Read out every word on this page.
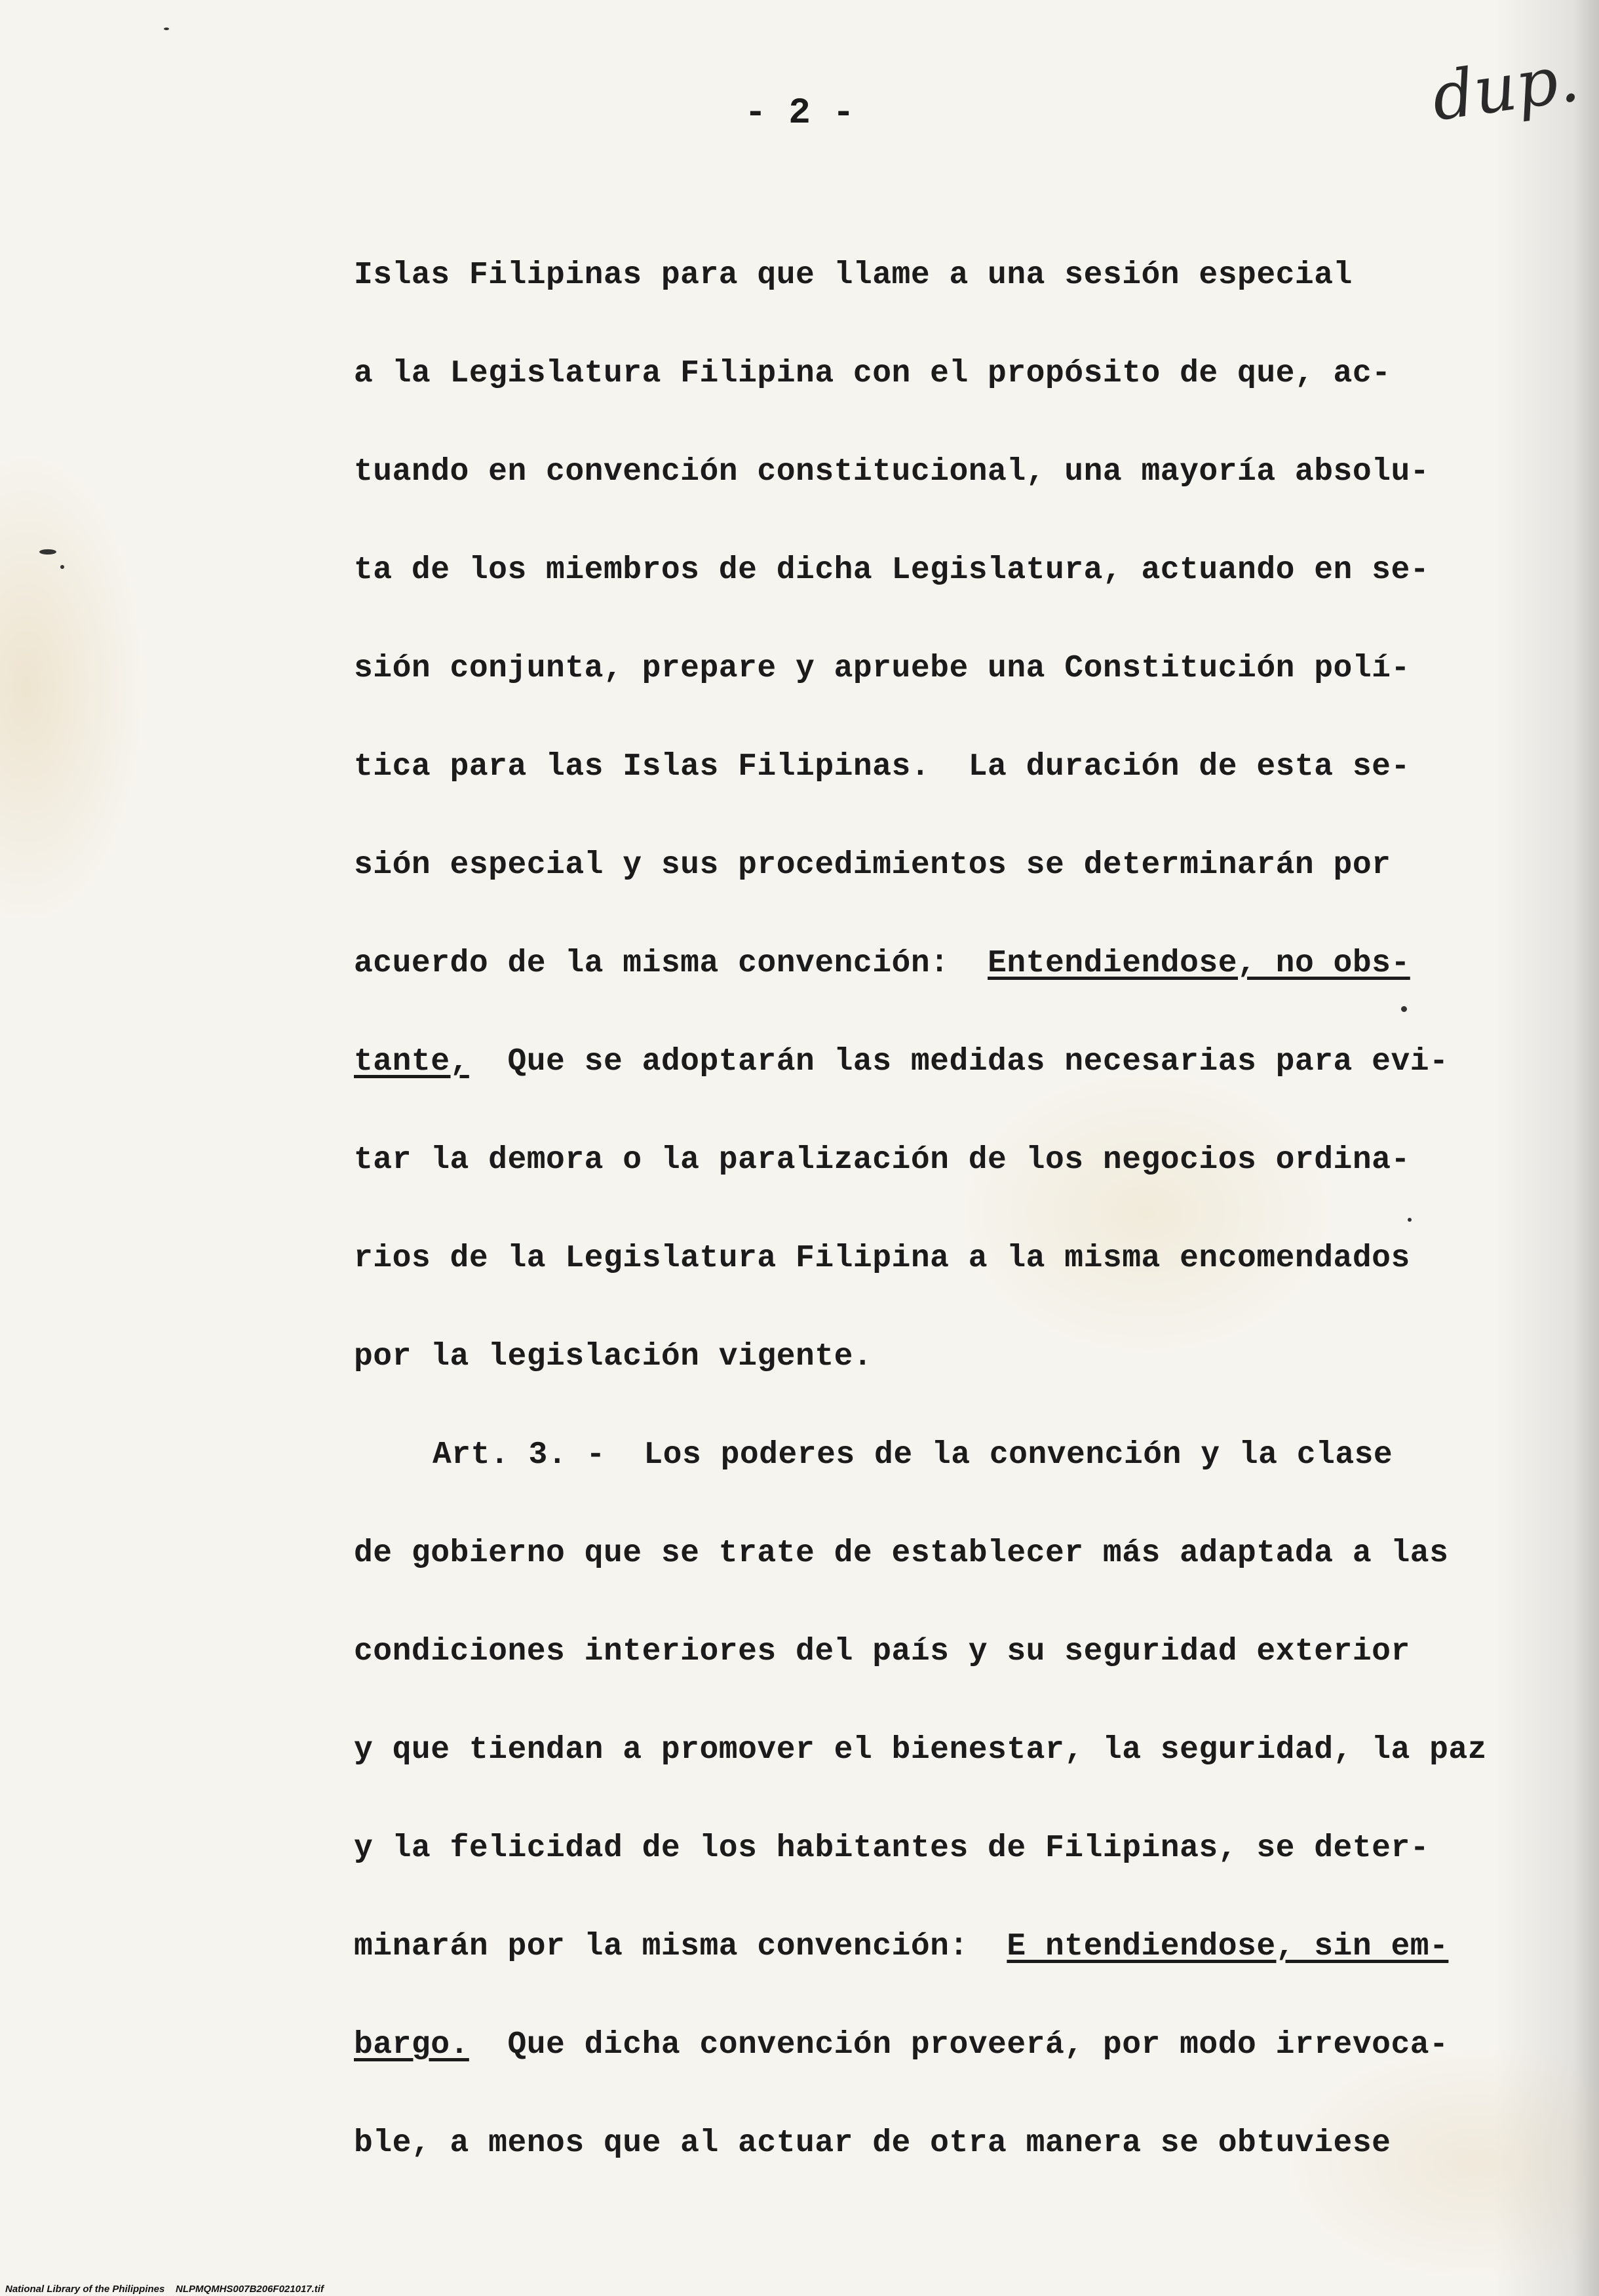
- 2 -	dup.
Islas Filipinas para que llame a una sesión especial
a la Legislatura Filipina con el propósito de que, ac-
tuando en convención constitucional, una mayoría absolu-
ta de los miembros de dicha Legislatura, actuando en se-
sión conjunta, prepare y apruebe una Constitución polí-
tica para las Islas Filipinas.  La duración de esta se-
sión especial y sus procedimientos se determinarán por
acuerdo de la misma convención: Entendiendose, no obs-
tante,  Que se adoptarán las medidas necesarias para evi-
tar la demora o la paralización de los negocios ordina-
rios de la Legislatura Filipina a la misma encomendados
por la legislación vigente.
Art. 3. -  Los poderes de la convención y la clase
de gobierno que se trate de establecer más adaptada a las
condiciones interiores del país y su seguridad exterior
y que tiendan a promover el bienestar, la seguridad, la paz
y la felicidad de los habitantes de Filipinas, se deter-
minarán por la misma convención: E ntendiendose, sin em-
bargo.  Que dicha convención proveerá, por modo irrevoca-
ble, a menos que al actuar de otra manera se obtuviese
National Library of the Philippines NLPMQMHS007B206F021017.tif
